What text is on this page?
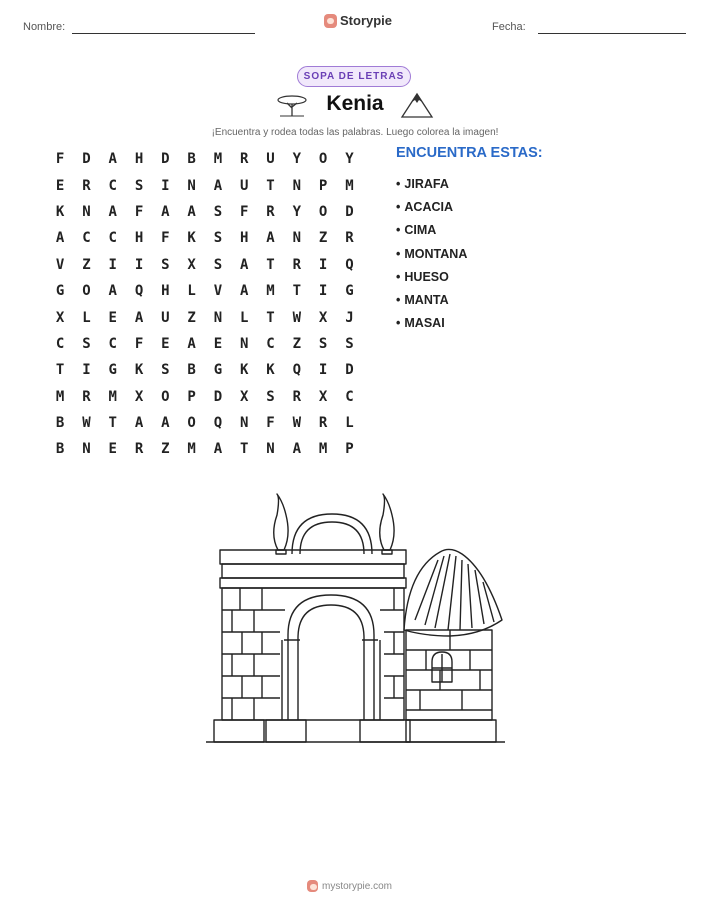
Nombre:	Storypie	Fecha:
SOPA DE LETRAS
Kenia
¡Encuentra y rodea todas las palabras. Luego colorea la imagen!
F	D	A	H	D	B	M	R	U	Y	O	Y
E	R	C	S	I	N	A	U	T	N	P	M
K	N	A	F	A	A	S	F	R	Y	O	D
A	C	C	H	F	K	S	H	A	N	Z	R
V	Z	I	I	S	X	S	A	T	R	I	Q
G	O	A	Q	H	L	V	A	M	T	I	G
X	L	E	A	U	Z	N	L	T	W	X	J
C	S	C	F	E	A	E	N	C	Z	S	S
T	I	G	K	S	B	G	K	K	Q	I	D
M	R	M	X	O	P	D	X	S	R	X	C
B	W	T	A	A	O	Q	N	F	W	R	L
B	N	E	R	Z	M	A	T	N	A	M	P
ENCUENTRA ESTAS:
• JIRAFA
• ACACIA
• CIMA
• MONTANA
• HUESO
• MANTA
• MASAI
mystorypie.com
